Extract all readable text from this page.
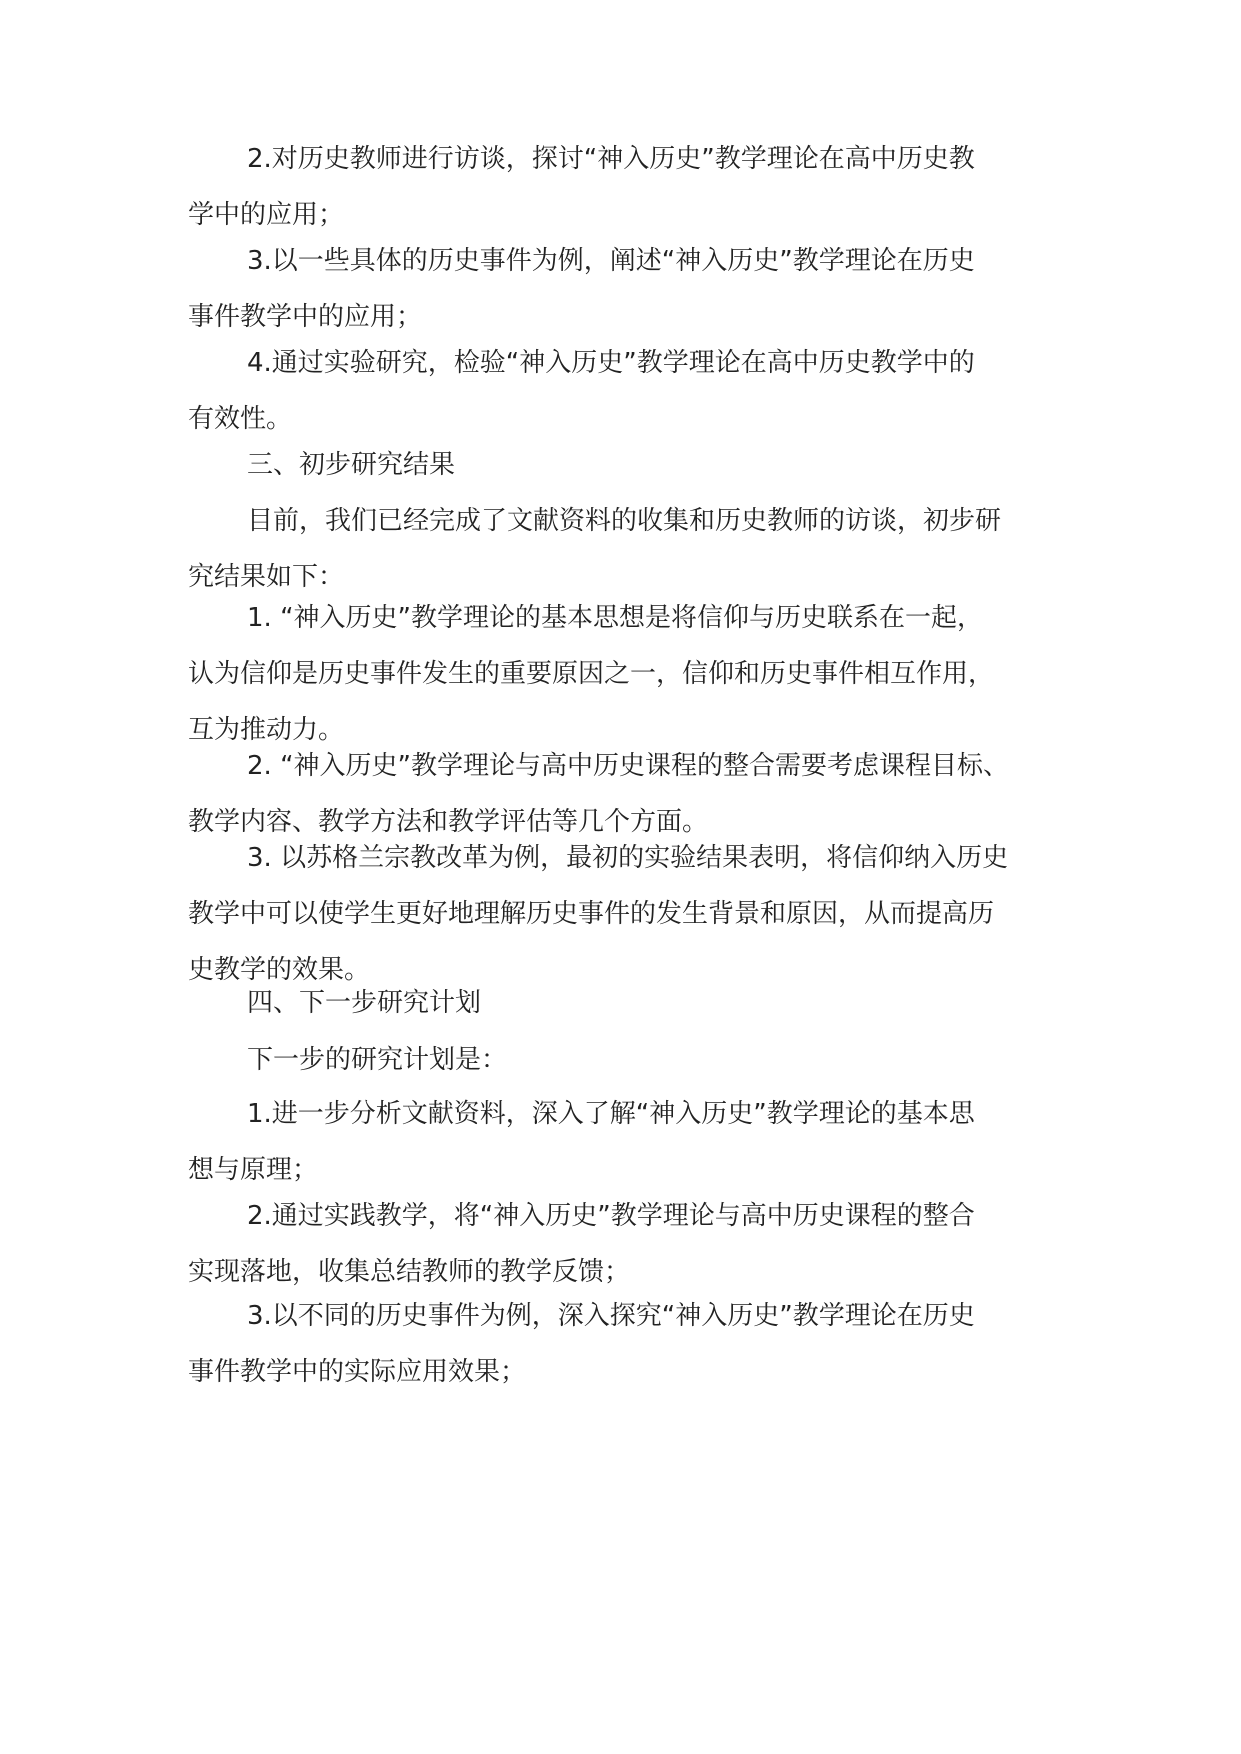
2.对历史教师进行访谈，探讨“神入历史”教学理论在高中历史教
学中的应用；
3.以一些具体的历史事件为例，阐述“神入历史”教学理论在历史
事件教学中的应用；
4.通过实验研究，检验“神入历史”教学理论在高中历史教学中的
有效性。
三、初步研究结果
目前，我们已经完成了文献资料的收集和历史教师的访谈，初步研
究结果如下：
1. “神入历史”教学理论的基本思想是将信仰与历史联系在一起，
认为信仰是历史事件发生的重要原因之一，信仰和历史事件相互作用，
互为推动力。
2. “神入历史”教学理论与高中历史课程的整合需要考虑课程目标、
教学内容、教学方法和教学评估等几个方面。
3. 以苏格兰宗教改革为例，最初的实验结果表明，将信仰纳入历史
教学中可以使学生更好地理解历史事件的发生背景和原因，从而提高历
史教学的效果。
四、下一步研究计划
下一步的研究计划是：
1.进一步分析文献资料，深入了解“神入历史”教学理论的基本思
想与原理；
2.通过实践教学，将“神入历史”教学理论与高中历史课程的整合
实现落地，收集总结教师的教学反馈；
3.以不同的历史事件为例，深入探究“神入历史”教学理论在历史
事件教学中的实际应用效果；
